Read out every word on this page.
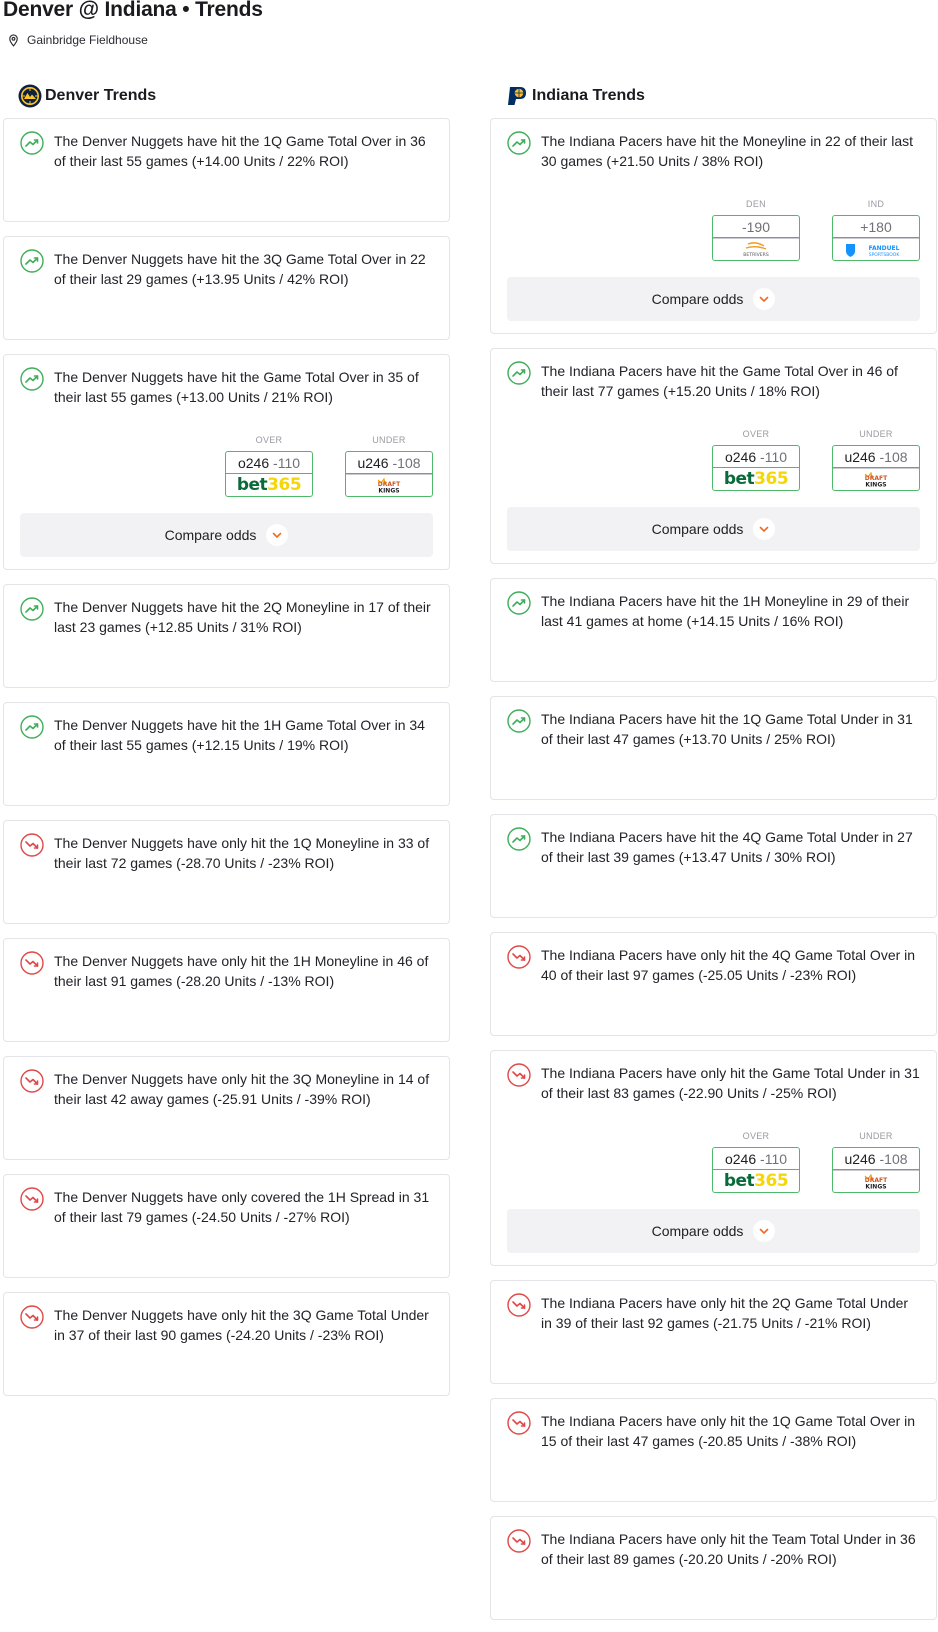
Denver @ Indiana • Trends
Gainbridge Fieldhouse
Denver Trends
The Denver Nuggets have hit the 1Q Game Total Over in 36 of their last 55 games (+14.00 Units / 22% ROI)
The Denver Nuggets have hit the 3Q Game Total Over in 22 of their last 29 games (+13.95 Units / 42% ROI)
The Denver Nuggets have hit the Game Total Over in 35 of their last 55 games (+13.00 Units / 21% ROI)
OVER
o246 -110
bet 365
UNDER
u246 -108
DRAFT
KINGS
Compare odds
The Denver Nuggets have hit the 2Q Moneyline in 17 of their last 23 games (+12.85 Units / 31% ROI)
The Denver Nuggets have hit the 1H Game Total Over in 34 of their last 55 games (+12.15 Units / 19% ROI)
The Denver Nuggets have only hit the 1Q Moneyline in 33 of their last 72 games (-28.70 Units / -23% ROI)
The Denver Nuggets have only hit the 1H Moneyline in 46 of their last 91 games (-28.20 Units / -13% ROI)
The Denver Nuggets have only hit the 3Q Moneyline in 14 of their last 42 away games (-25.91 Units / -39% ROI)
The Denver Nuggets have only covered the 1H Spread in 31 of their last 79 games (-24.50 Units / -27% ROI)
The Denver Nuggets have only hit the 3Q Game Total Under in 37 of their last 90 games (-24.20 Units / -23% ROI)
Indiana Trends
The Indiana Pacers have hit the Moneyline in 22 of their last 30 games (+21.50 Units / 38% ROI)
DEN
-190
BETRIVERS
IND
+180
FANDUEL
SPORTSBOOK
Compare odds
The Indiana Pacers have hit the Game Total Over in 46 of their last 77 games (+15.20 Units / 18% ROI)
OVER
o246 -110
bet 365
UNDER
u246 -108
DRAFT
KINGS
Compare odds
The Indiana Pacers have hit the 1H Moneyline in 29 of their last 41 games at home (+14.15 Units / 16% ROI)
The Indiana Pacers have hit the 1Q Game Total Under in 31 of their last 47 games (+13.70 Units / 25% ROI)
The Indiana Pacers have hit the 4Q Game Total Under in 27 of their last 39 games (+13.47 Units / 30% ROI)
The Indiana Pacers have only hit the 4Q Game Total Over in 40 of their last 97 games (-25.05 Units / -23% ROI)
The Indiana Pacers have only hit the Game Total Under in 31 of their last 83 games (-22.90 Units / -25% ROI)
OVER
o246 -110
bet 365
UNDER
u246 -108
DRAFT
KINGS
Compare odds
The Indiana Pacers have only hit the 2Q Game Total Under in 39 of their last 92 games (-21.75 Units / -21% ROI)
The Indiana Pacers have only hit the 1Q Game Total Over in 15 of their last 47 games (-20.85 Units / -38% ROI)
The Indiana Pacers have only hit the Team Total Under in 36 of their last 89 games (-20.20 Units / -20% ROI)
